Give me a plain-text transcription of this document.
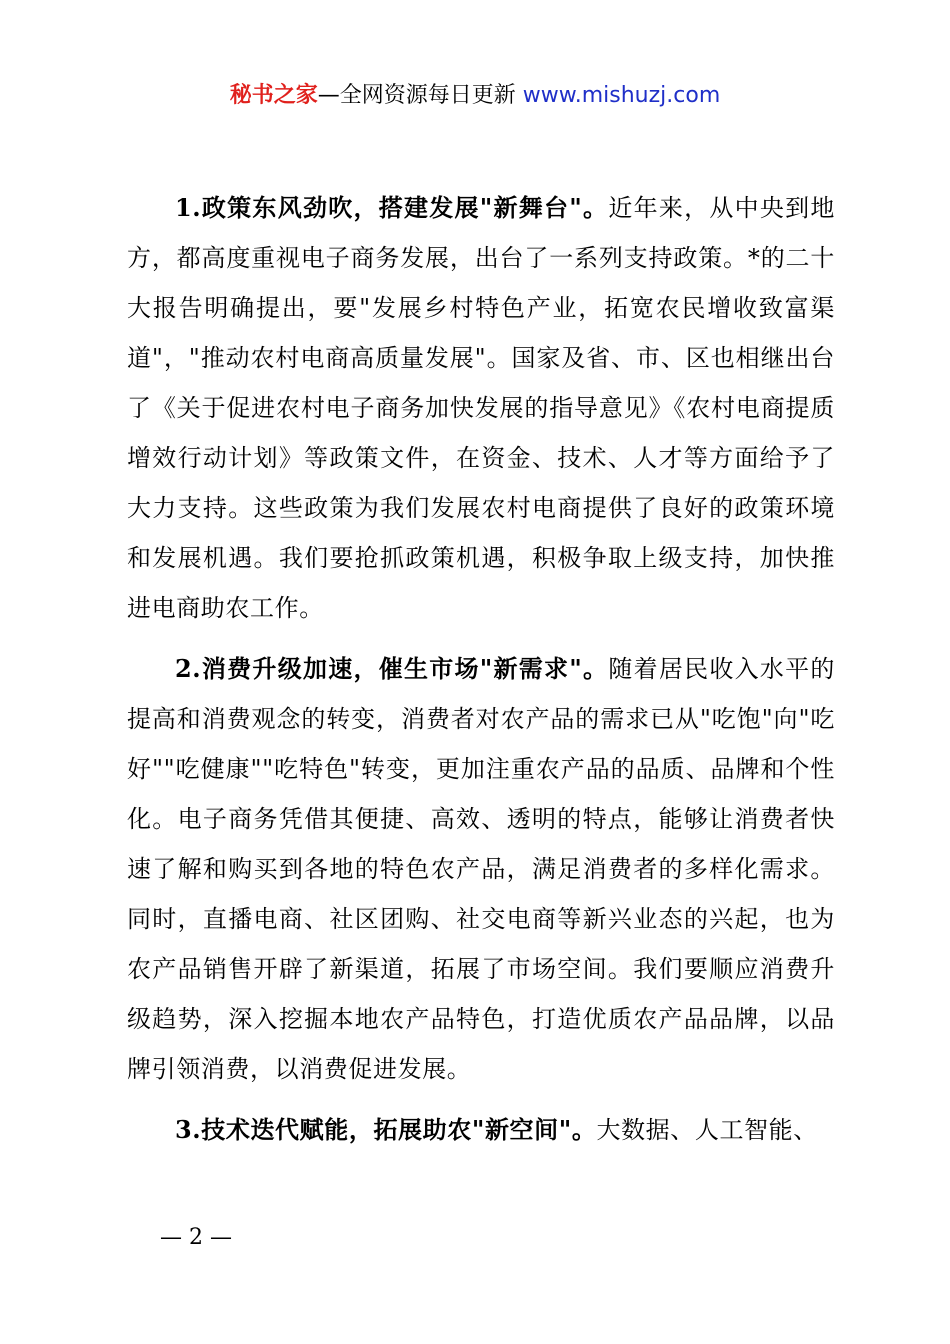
秘书之家—全网资源每日更新 www.mishuzj.com

1.政策东风劲吹，搭建发展"新舞台"。近年来，从中央到地方，都高度重视电子商务发展，出台了一系列支持政策。*的二十大报告明确提出，要"发展乡村特色产业，拓宽农民增收致富渠道"，"推动农村电商高质量发展"。国家及省、市、区也相继出台了《关于促进农村电子商务加快发展的指导意见》《农村电商提质增效行动计划》等政策文件，在资金、技术、人才等方面给予了大力支持。这些政策为我们发展农村电商提供了良好的政策环境和发展机遇。我们要抢抓政策机遇，积极争取上级支持，加快推进电商助农工作。

2.消费升级加速，催生市场"新需求"。随着居民收入水平的提高和消费观念的转变，消费者对农产品的需求已从"吃饱"向"吃好""吃健康""吃特色"转变，更加注重农产品的品质、品牌和个性化。电子商务凭借其便捷、高效、透明的特点，能够让消费者快速了解和购买到各地的特色农产品，满足消费者的多样化需求。同时，直播电商、社区团购、社交电商等新兴业态的兴起，也为农产品销售开辟了新渠道，拓展了市场空间。我们要顺应消费升级趋势，深入挖掘本地农产品特色，打造优质农产品品牌，以品牌引领消费，以消费促进发展。

3.技术迭代赋能，拓展助农"新空间"。大数据、人工智能、

— 2 —
